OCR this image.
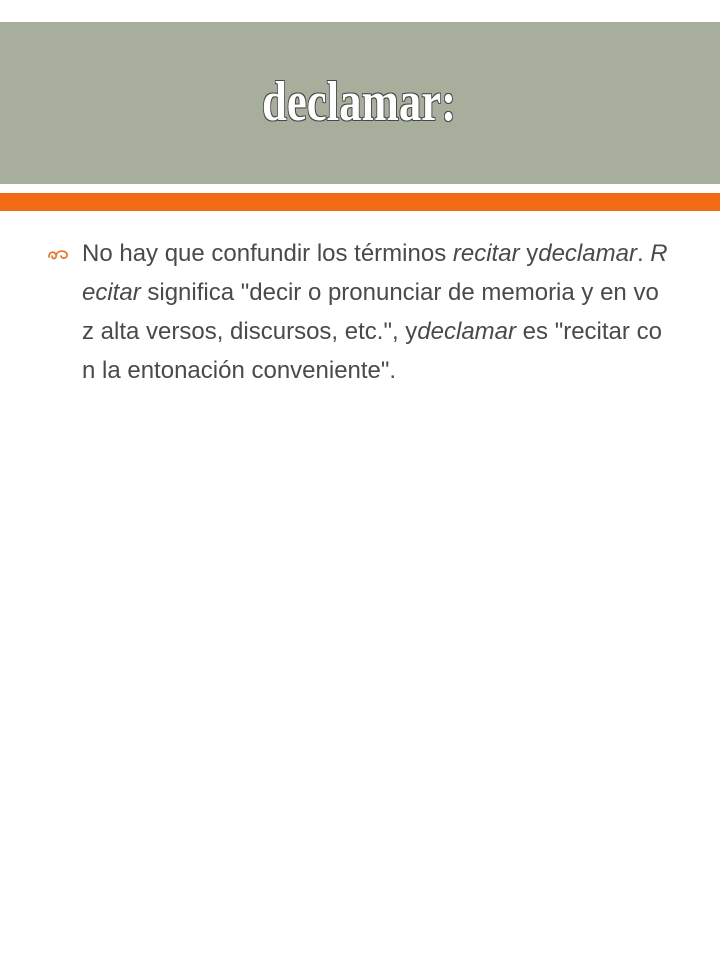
declamar:

No hay que confundir los términos recitar ydeclamar. Recitar significa "decir o pronunciar de memoria y en voz alta versos, discursos, etc.", ydeclamar es "recitar con la entonación conveniente".
